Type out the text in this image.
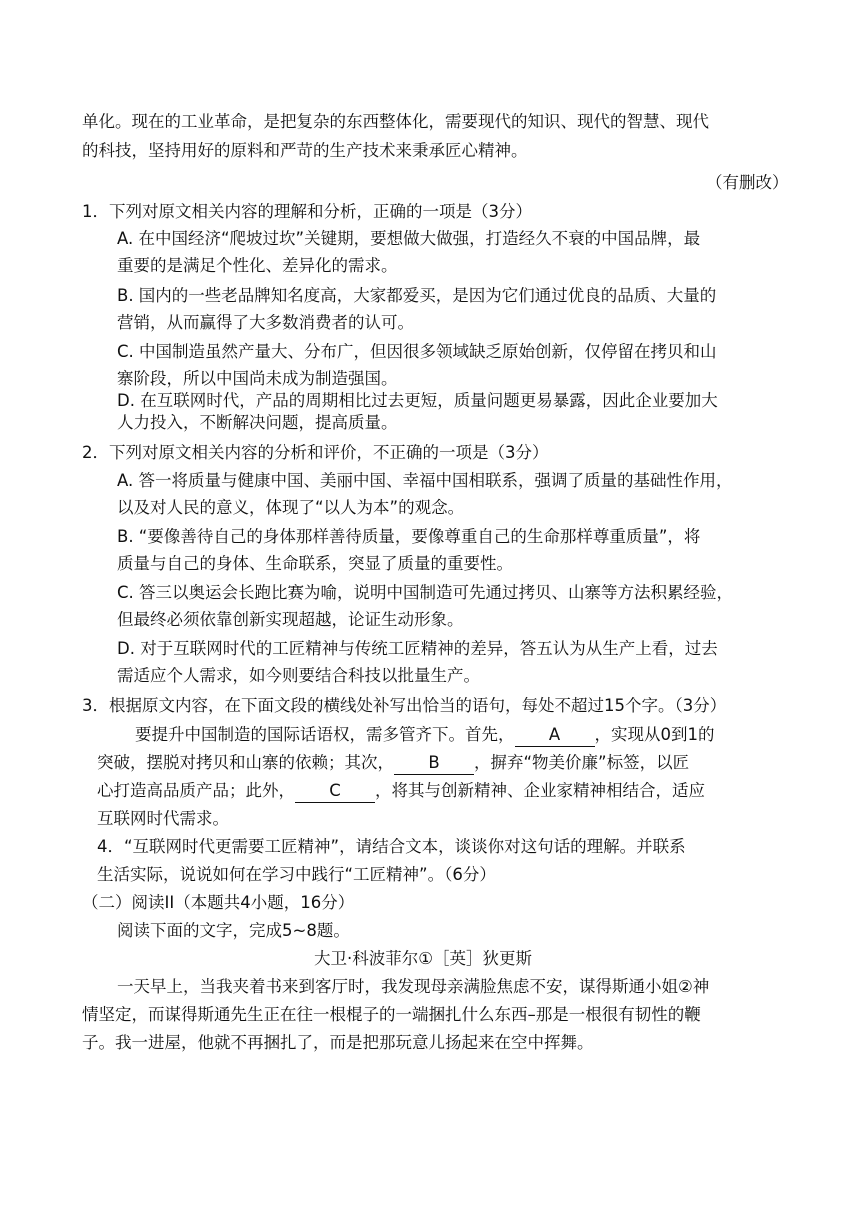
单化。现在的工业革命，是把复杂的东西整体化，需要现代的知识、现代的智慧、现代
的科技，坚持用好的原料和严苛的生产技术来秉承匠心精神。
（有删改）
1．下列对原文相关内容的理解和分析，正确的一项是（3分）
A. 在中国经济“爬坡过坎”关键期，要想做大做强，打造经久不衰的中国品牌，最
重要的是满足个性化、差异化的需求。
B. 国内的一些老品牌知名度高，大家都爱买，是因为它们通过优良的品质、大量的
营销，从而赢得了大多数消费者的认可。
C. 中国制造虽然产量大、分布广，但因很多领域缺乏原始创新，仅停留在拷贝和山
寨阶段，所以中国尚未成为制造强国。
D. 在互联网时代，产品的周期相比过去更短，质量问题更易暴露，因此企业要加大
人力投入，不断解决问题，提高质量。
2．下列对原文相关内容的分析和评价，不正确的一项是（3分）
A. 答一将质量与健康中国、美丽中国、幸福中国相联系，强调了质量的基础性作用，
以及对人民的意义，体现了“以人为本”的观念。
B. “要像善待自己的身体那样善待质量，要像尊重自己的生命那样尊重质量”，将
质量与自己的身体、生命联系，突显了质量的重要性。
C. 答三以奥运会长跑比赛为喻，说明中国制造可先通过拷贝、山寨等方法积累经验，
但最终必须依靠创新实现超越，论证生动形象。
D. 对于互联网时代的工匠精神与传统工匠精神的差异，答五认为从生产上看，过去
需适应个人需求，如今则要结合科技以批量生产。
3．根据原文内容，在下面文段的横线处补写出恰当的语句，每处不超过15个字。（3分）
要提升中国制造的国际话语权，需多管齐下。首先， A ，实现从0到1的
突破，摆脱对拷贝和山寨的依赖；其次， B ，摒弃“物美价廉”标签，以匠
心打造高品质产品；此外， C ，将其与创新精神、企业家精神相结合，适应
互联网时代需求。
4．“互联网时代更需要工匠精神”，请结合文本，谈谈你对这句话的理解。并联系
生活实际，说说如何在学习中践行“工匠精神”。（6分）
（二）阅读II（本题共4小题，16分）
阅读下面的文字，完成5~8题。
大卫·科波菲尔①［英］狄更斯
一天早上，当我夹着书来到客厅时，我发现母亲满脸焦虑不安，谋得斯通小姐②神
情坚定，而谋得斯通先生正在往一根棍子的一端捆扎什么东西–那是一根很有韧性的鞭
子。我一进屋，他就不再捆扎了，而是把那玩意儿扬起来在空中挥舞。
